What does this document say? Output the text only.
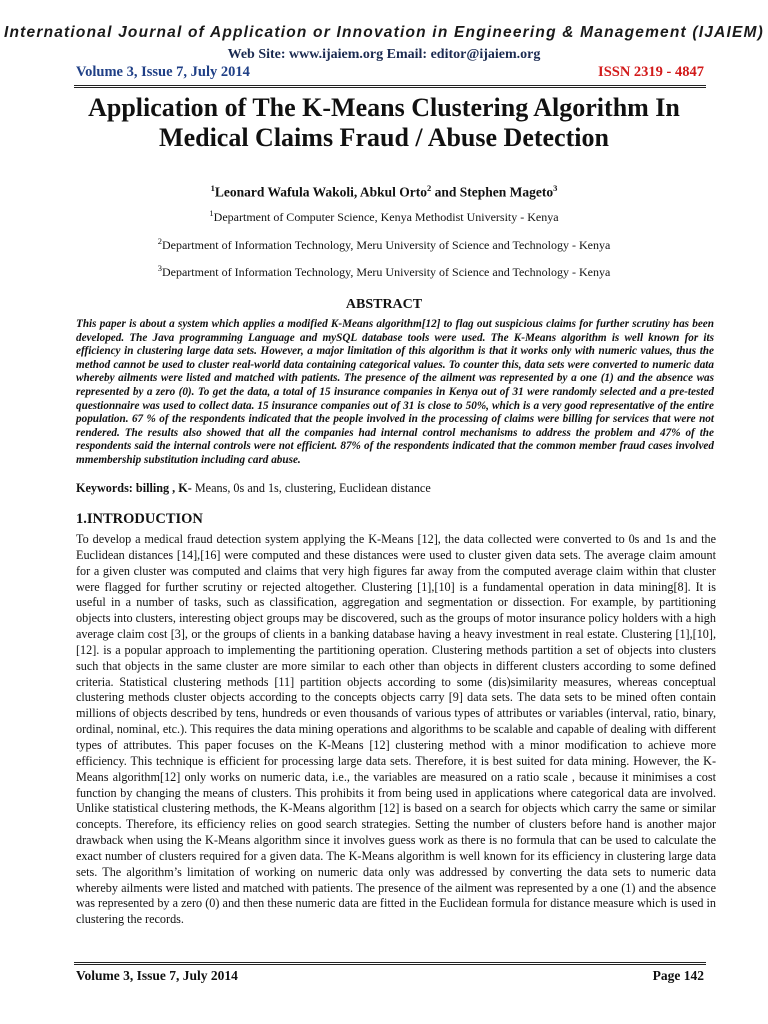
International Journal of Application or Innovation in Engineering & Management (IJAIEM)
Web Site: www.ijaiem.org Email: editor@ijaiem.org
Volume 3, Issue 7, July 2014	ISSN 2319 - 4847
Application of The K-Means Clustering Algorithm In Medical Claims Fraud / Abuse Detection
$^1$Leonard Wafula Wakoli, Abkul Orto$^2$ and Stephen Mageto$^3$
$^1$Department of Computer Science, Kenya Methodist University - Kenya
$^2$Department of Information Technology, Meru University of Science and Technology - Kenya
$^3$Department of Information Technology, Meru University of Science and Technology - Kenya
ABSTRACT
This paper is about a system which applies a modified K-Means algorithm[12] to flag out suspicious claims for further scrutiny has been developed. The Java programming Language and mySQL database tools were used. The K-Means algorithm is well known for its efficiency in clustering large data sets. However, a major limitation of this algorithm is that it works only with numeric values, thus the method cannot be used to cluster real-world data containing categorical values. To counter this, data sets were converted to numeric data whereby ailments were listed and matched with patients. The presence of the ailment was represented by a one (1) and the absence was represented by a zero (0). To get the data, a total of 15 insurance companies in Kenya out of 31 were randomly selected and a pre-tested questionnaire was used to collect data. 15 insurance companies out of 31 is close to 50%, which is a very good representative of the entire population. 67 % of the respondents indicated that the people involved in the processing of claims were billing for services that were not rendered. The results also showed that all the companies had internal control mechanisms to address the problem and 47% of the respondents said the internal controls were not efficient. 87% of the respondents indicated that the common member fraud cases involved mmembership substitution including card abuse.
Keywords: billing , K- Means, 0s and 1s, clustering, Euclidean distance
1.INTRODUCTION
To develop a medical fraud detection system applying the K-Means [12], the data collected were converted to 0s and 1s and the Euclidean distances [14],[16] were computed and these distances were used to cluster given data sets. The average claim amount for a given cluster was computed and claims that very high figures far away from the computed average claim within that cluster were flagged for further scrutiny or rejected altogether. Clustering [1],[10] is a fundamental operation in data mining[8]. It is useful in a number of tasks, such as classification, aggregation and segmentation or dissection. For example, by partitioning objects into clusters, interesting object groups may be discovered, such as the groups of motor insurance policy holders with a high average claim cost [3], or the groups of clients in a banking database having a heavy investment in real estate. Clustering [1],[10],[12]. is a popular approach to implementing the partitioning operation. Clustering methods partition a set of objects into clusters such that objects in the same cluster are more similar to each other than objects in different clusters according to some defined criteria. Statistical clustering methods [11] partition objects according to some (dis)similarity measures, whereas conceptual clustering methods cluster objects according to the concepts objects carry [9] data sets. The data sets to be mined often contain millions of objects described by tens, hundreds or even thousands of various types of attributes or variables (interval, ratio, binary, ordinal, nominal, etc.). This requires the data mining operations and algorithms to be scalable and capable of dealing with different types of attributes. This paper focuses on the K-Means [12] clustering method with a minor modification to achieve more efficiency. This technique is efficient for processing large data sets. Therefore, it is best suited for data mining. However, the K-Means algorithm[12] only works on numeric data, i.e., the variables are measured on a ratio scale , because it minimises a cost function by changing the means of clusters. This prohibits it from being used in applications where categorical data are involved. Unlike statistical clustering methods, the K-Means algorithm [12] is based on a search for objects which carry the same or similar concepts. Therefore, its efficiency relies on good search strategies. Setting the number of clusters before hand is another major drawback when using the K-Means algorithm since it involves guess work as there is no formula that can be used to calculate the exact number of clusters required for a given data. The K-Means algorithm is well known for its efficiency in clustering large data sets. The algorithm’s limitation of working on numeric data only was addressed by converting the data sets to numeric data whereby ailments were listed and matched with patients. The presence of the ailment was represented by a one (1) and the absence was represented by a zero (0) and then these numeric data are fitted in the Euclidean formula for distance measure which is used in clustering the records.
Volume 3, Issue 7, July 2014	Page 142
